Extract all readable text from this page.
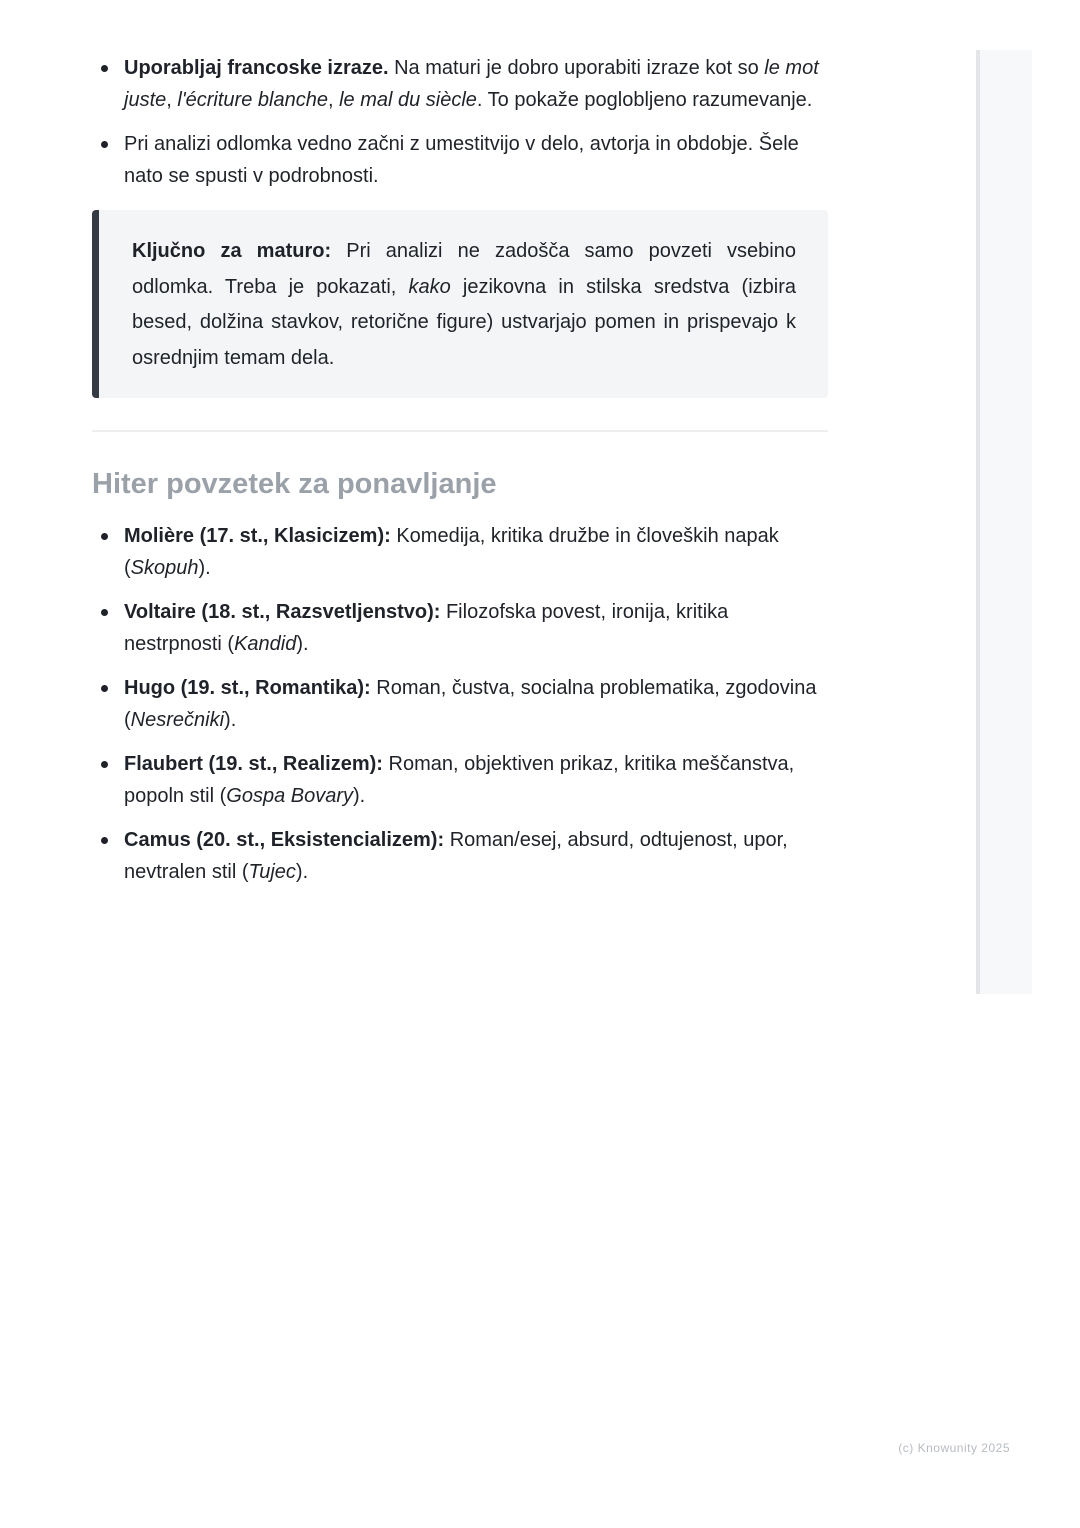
Uporabljaj francoske izraze. Na maturi je dobro uporabiti izraze kot so le mot juste, l'écriture blanche, le mal du siècle. To pokaže poglobljeno razumevanje.
Pri analizi odlomka vedno začni z umestitvijo v delo, avtorja in obdobje. Šele nato se spusti v podrobnosti.
Ključno za maturo: Pri analizi ne zadošča samo povzeti vsebino odlomka. Treba je pokazati, kako jezikovna in stilska sredstva (izbira besed, dolžina stavkov, retorične figure) ustvarjajo pomen in prispevajo k osrednjim temam dela.
Hiter povzetek za ponavljanje
Molière (17. st., Klasicizem): Komedija, kritika družbe in človeških napak (Skopuh).
Voltaire (18. st., Razsvetljenstvo): Filozofska povest, ironija, kritika nestrpnosti (Kandid).
Hugo (19. st., Romantika): Roman, čustva, socialna problematika, zgodovina (Nesrečniki).
Flaubert (19. st., Realizem): Roman, objektiven prikaz, kritika meščanstva, popoln stil (Gospa Bovary).
Camus (20. st., Eksistencializem): Roman/esej, absurd, odtujenost, upor, nevtralen stil (Tujec).
(c) Knowunity 2025
